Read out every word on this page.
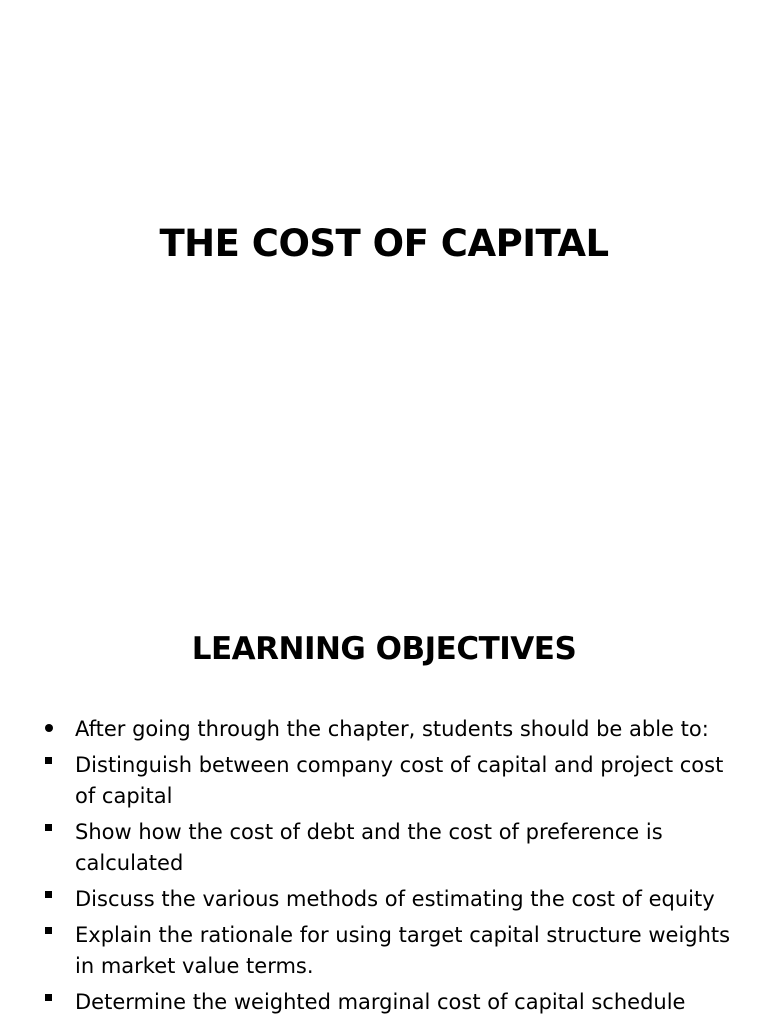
THE COST OF CAPITAL
LEARNING OBJECTIVES
After going through the chapter, students should be able to:
Distinguish between company cost of capital and project cost of capital
Show how the cost of debt and the cost of preference is calculated
Discuss the various methods of estimating the cost of equity
Explain the rationale for using target capital structure weights in market value terms.
Determine the weighted marginal cost of capital schedule
